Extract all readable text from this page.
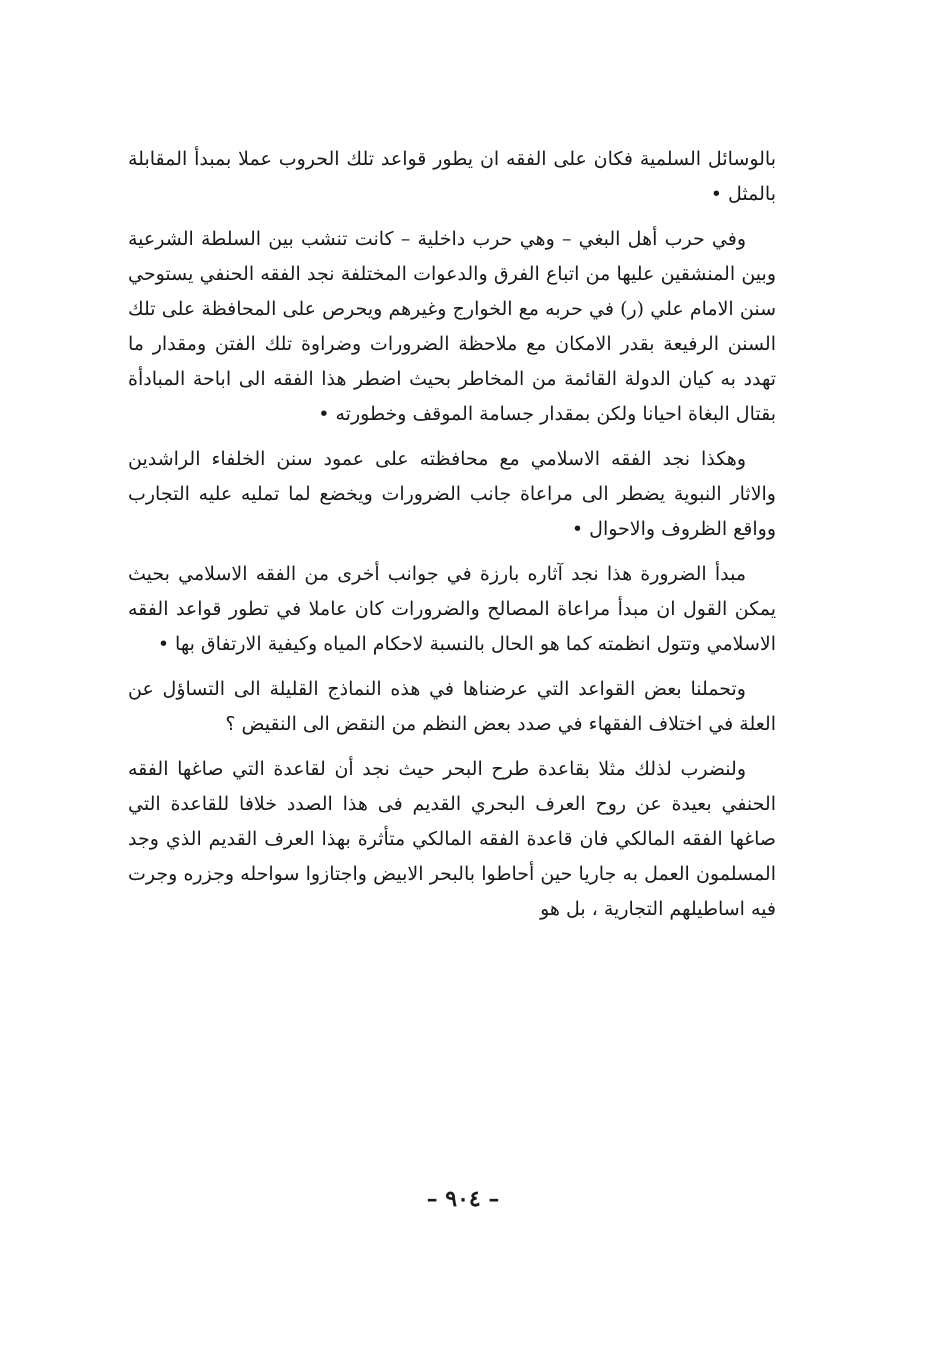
بالوسائل السلمية فكان على الفقه ان يطور قواعد تلك الحروب عملا بمبدأ المقابلة بالمثل •

وفي حرب أهل البغي – وهي حرب داخلية – كانت تنشب بين السلطة الشرعية وبين المنشقين عليها من اتباع الفرق والدعوات المختلفة نجد الفقه الحنفي يستوحي سنن الامام علي (ر) في حربه مع الخوارج وغيرهم ويحرص على المحافظة على تلك السنن الرفيعة بقدر الامكان مع ملاحظة الضرورات وضراوة تلك الفتن ومقدار ما تهدد به كيان الدولة القائمة من المخاطر بحيث اضطر هذا الفقه الى اباحة المبادأة بقتال البغاة احيانا ولكن بمقدار جسامة الموقف وخطورته •

وهكذا نجد الفقه الاسلامي مع محافظته على عمود سنن الخلفاء الراشدين والاثار النبوية يضطر الى مراعاة جانب الضرورات ويخضع لما تمليه عليه التجارب وواقع الظروف والاحوال •

مبدأ الضرورة هذا نجد آثاره بارزة في جوانب أخرى من الفقه الاسلامي بحيث يمكن القول ان مبدأ مراعاة المصالح والضرورات كان عاملا في تطور قواعد الفقه الاسلامي وتتول انظمته كما هو الحال بالنسبة لاحكام المياه وكيفية الارتفاق بها •

وتحملنا بعض القواعد التي عرضناها في هذه النماذج القليلة الى التساؤل عن العلة في اختلاف الفقهاء في صدد بعض النظم من النقض الى النقيض ؟

ولنضرب لذلك مثلا بقاعدة طرح البحر حيث نجد أن لقاعدة التي صاغها الفقه الحنفي بعيدة عن روح العرف البحري القديم فى هذا الصدد خلافا للقاعدة التي صاغها الفقه المالكي فان قاعدة الفقه المالكي متأثرة بهذا العرف القديم الذي وجد المسلمون العمل به جاريا حين أحاطوا بالبحر الابيض واجتازوا سواحله وجزره وجرت فيه اساطيلهم التجارية ، بل هو

– ٩٠٤ –
